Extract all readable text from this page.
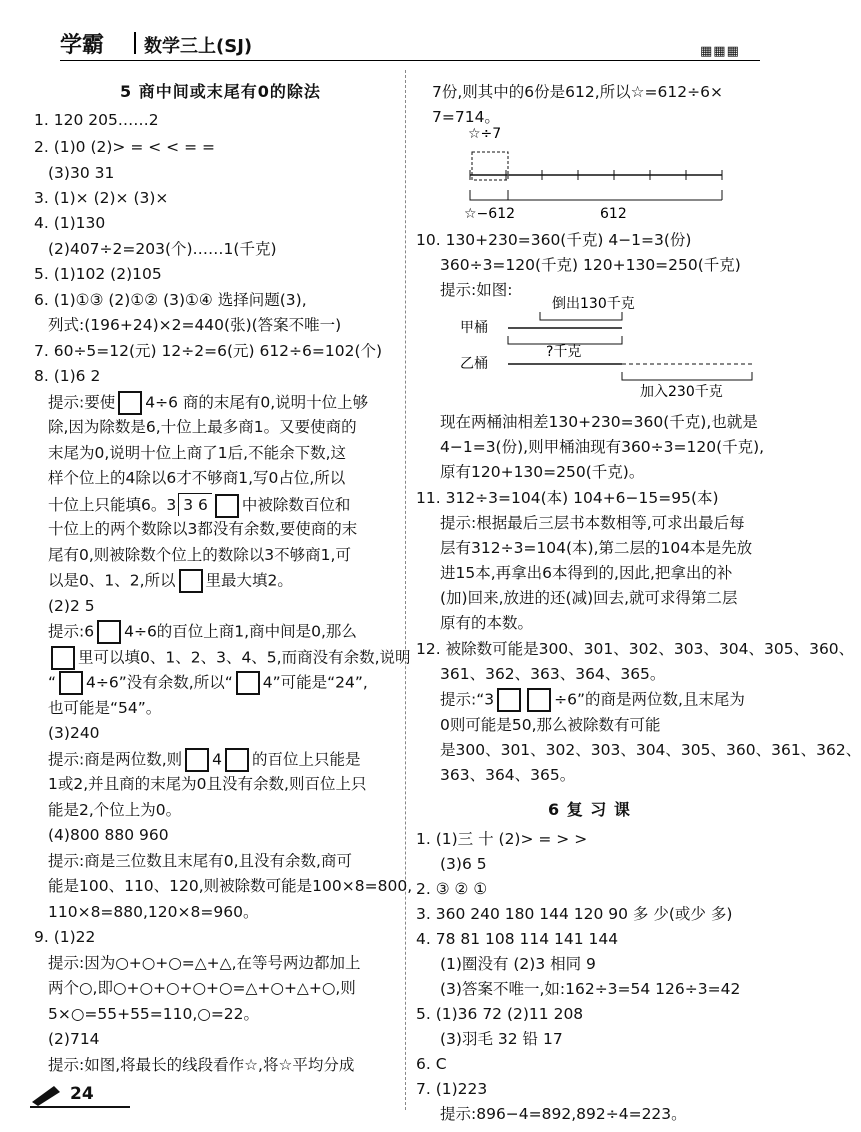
学霸 数学三上(SJ)	▦▦▦
5 商中间或末尾有0的除法
1. 120 205……2
2. (1)0 (2)> = < < = =
(3)30 31
3. (1)× (2)× (3)×
4. (1)130
(2)407÷2=203(个)……1(千克)
5. (1)102 (2)105
6. (1)①③ (2)①② (3)①④ 选择问题(3),
列式:(196+24)×2=440(张)(答案不唯一)
7. 60÷5=12(元) 12÷2=6(元) 612÷6=102(个)
8. (1)6 2
提示:要使 4÷6 商的末尾有0,说明十位上够
除,因为除数是6,十位上最多商1。又要使商的
末尾为0,说明十位上商了1后,不能余下数,这
样个位上的4除以6才不够商1,写0占位,所以
十位上只能填6。3 3 6 中被除数百位和
十位上的两个数除以3都没有余数,要使商的末
尾有0,则被除数个位上的数除以3不够商1,可
以是0、1、2,所以 里最大填2。
(2)2 5
提示:6 4÷6的百位上商1,商中间是0,那么
里可以填0、1、2、3、4、5,而商没有余数,说明
“ 4÷6”没有余数,所以“ 4”可能是“24”,
也可能是“54”。
(3)240
提示:商是两位数,则 4 的百位上只能是
1或2,并且商的末尾为0且没有余数,则百位上只
能是2,个位上为0。
(4)800 880 960
提示:商是三位数且末尾有0,且没有余数,商可
能是100、110、120,则被除数可能是100×8=800,
110×8=880,120×8=960。
9. (1)22
提示:因为○+○+○=△+△,在等号两边都加上
两个○,即○+○+○+○+○=△+○+△+○,则
5×○=55+55=110,○=22。
(2)714
提示:如图,将最长的线段看作☆,将☆平均分成
7份,则其中的6份是612,所以☆=612÷6×
7=714。
10. 130+230=360(千克) 4−1=3(份)
360÷3=120(千克) 120+130=250(千克)
提示:如图:
现在两桶油相差130+230=360(千克),也就是
4−1=3(份),则甲桶油现有360÷3=120(千克),
原有120+130=250(千克)。
11. 312÷3=104(本) 104+6−15=95(本)
提示:根据最后三层书本数相等,可求出最后每
层有312÷3=104(本),第二层的104本是先放
进15本,再拿出6本得到的,因此,把拿出的补
(加)回来,放进的还(减)回去,就可求得第二层
原有的本数。
12. 被除数可能是300、301、302、303、304、305、360、
361、362、363、364、365。
提示:“3	÷6”的商是两位数,且末尾为
0则可能是50,那么被除数有可能
是300、301、302、303、304、305、360、361、362、
363、364、365。
6 复 习 课
1. (1)三 十 (2)> = > >
(3)6 5
2. ③ ② ①
3. 360 240 180 144 120 90 多 少(或少 多)
4. 78 81 108 114 141 144
(1)圈没有 (2)3 相同 9
(3)答案不唯一,如:162÷3=54 126÷3=42
5. (1)36 72 (2)11 208
(3)羽毛 32 铅 17
6. C
7. (1)223
提示:896−4=892,892÷4=223。
☆÷7
☆−612	612
倒出130千克
甲桶
?千克
乙桶
加入230千克
24
